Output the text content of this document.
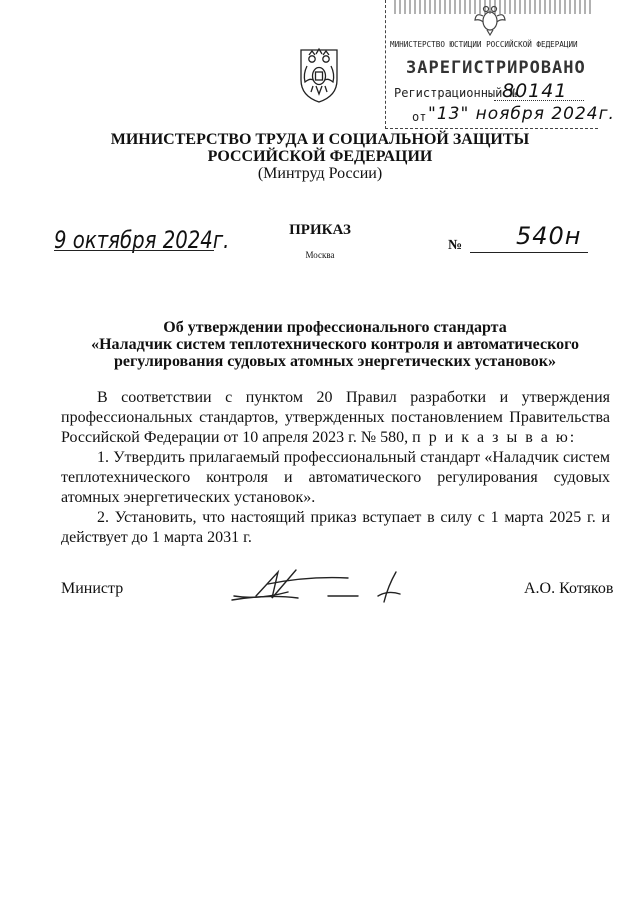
МИНИСТЕРСТВО ЮСТИЦИИ РОССИЙСКОЙ ФЕДЕРАЦИИ
ЗАРЕГИСТРИРОВАНО
Регистрационный №
80141
от "13" ноября 2024г.
МИНИСТЕРСТВО ТРУДА И СОЦИАЛЬНОЙ ЗАЩИТЫ
РОССИЙСКОЙ ФЕДЕРАЦИИ
(Минтруд России)
ПРИКАЗ
Москва
9 октября 2024г.	№ 540н
Об утверждении профессионального стандарта
«Наладчик систем теплотехнического контроля и автоматического
регулирования судовых атомных энергетических установок»

В соответствии с пунктом 20 Правил разработки и утверждения профессиональных стандартов, утвержденных постановлением Правительства Российской Федерации от 10 апреля 2023 г. № 580, п р и к а з ы в а ю:

1. Утвердить прилагаемый профессиональный стандарт «Наладчик систем теплотехнического контроля и автоматического регулирования судовых атомных энергетических установок».

2. Установить, что настоящий приказ вступает в силу с 1 марта 2025 г. и действует до 1 марта 2031 г.

Министр	А.О. Котяков
